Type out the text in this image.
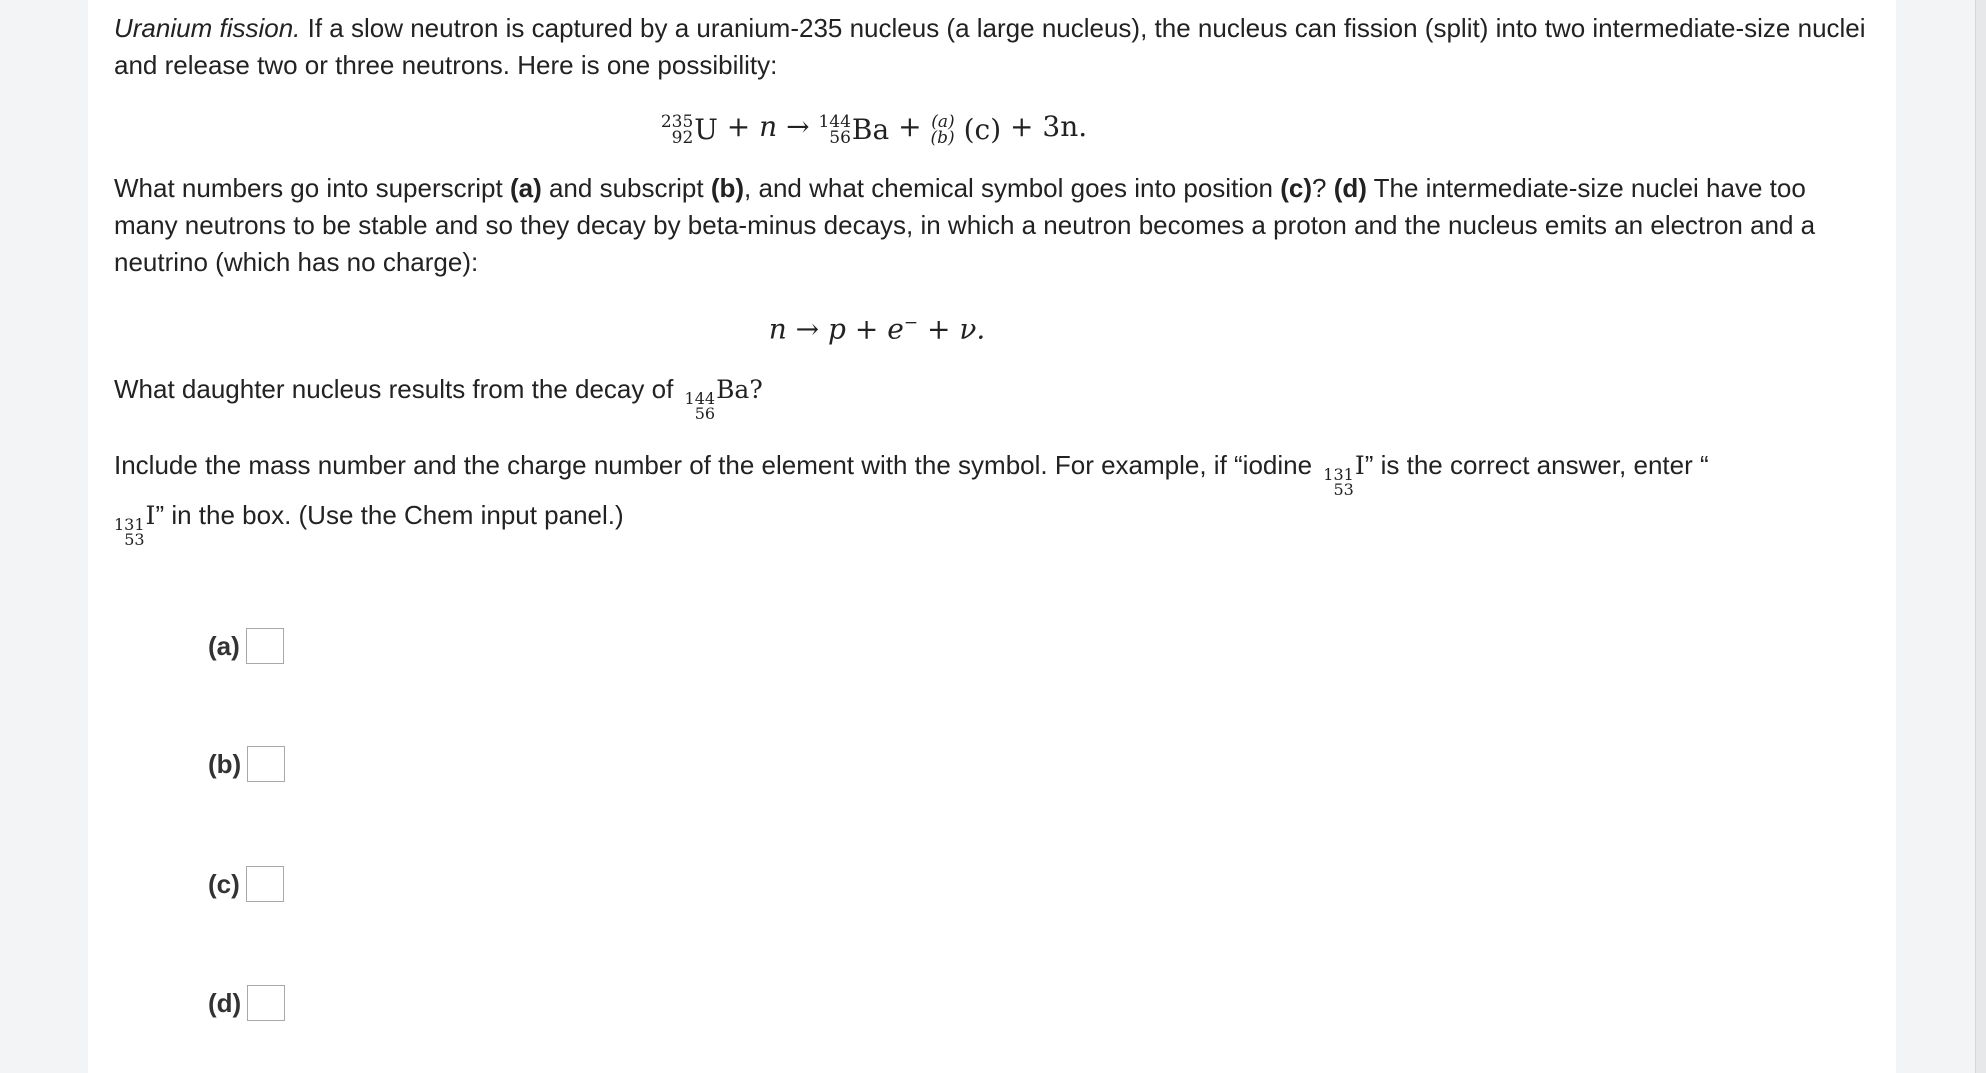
Uranium fission. If a slow neutron is captured by a uranium-235 nucleus (a large nucleus), the nucleus can fission (split) into two intermediate-size nuclei and release two or three neutrons. Here is one possibility:

235
92 U + n → 144
56 Ba + (a)
(b) (c) + 3n.

What numbers go into superscript (a) and subscript (b), and what chemical symbol goes into position (c)? (d) The intermediate-size nuclei have too many neutrons to be stable and so they decay by beta-minus decays, in which a neutron becomes a proton and the nucleus emits an electron and a neutrino (which has no charge):

n → p + e− + ν.

What daughter nucleus results from the decay of 144
56
Ba?

Include the mass number and the charge number of the element with the symbol. For example, if “iodine 131
53
I” is the correct answer, enter “

131
53
I” in the box. (Use the Chem input panel.)

(a)
(b)
(c)
(d)
